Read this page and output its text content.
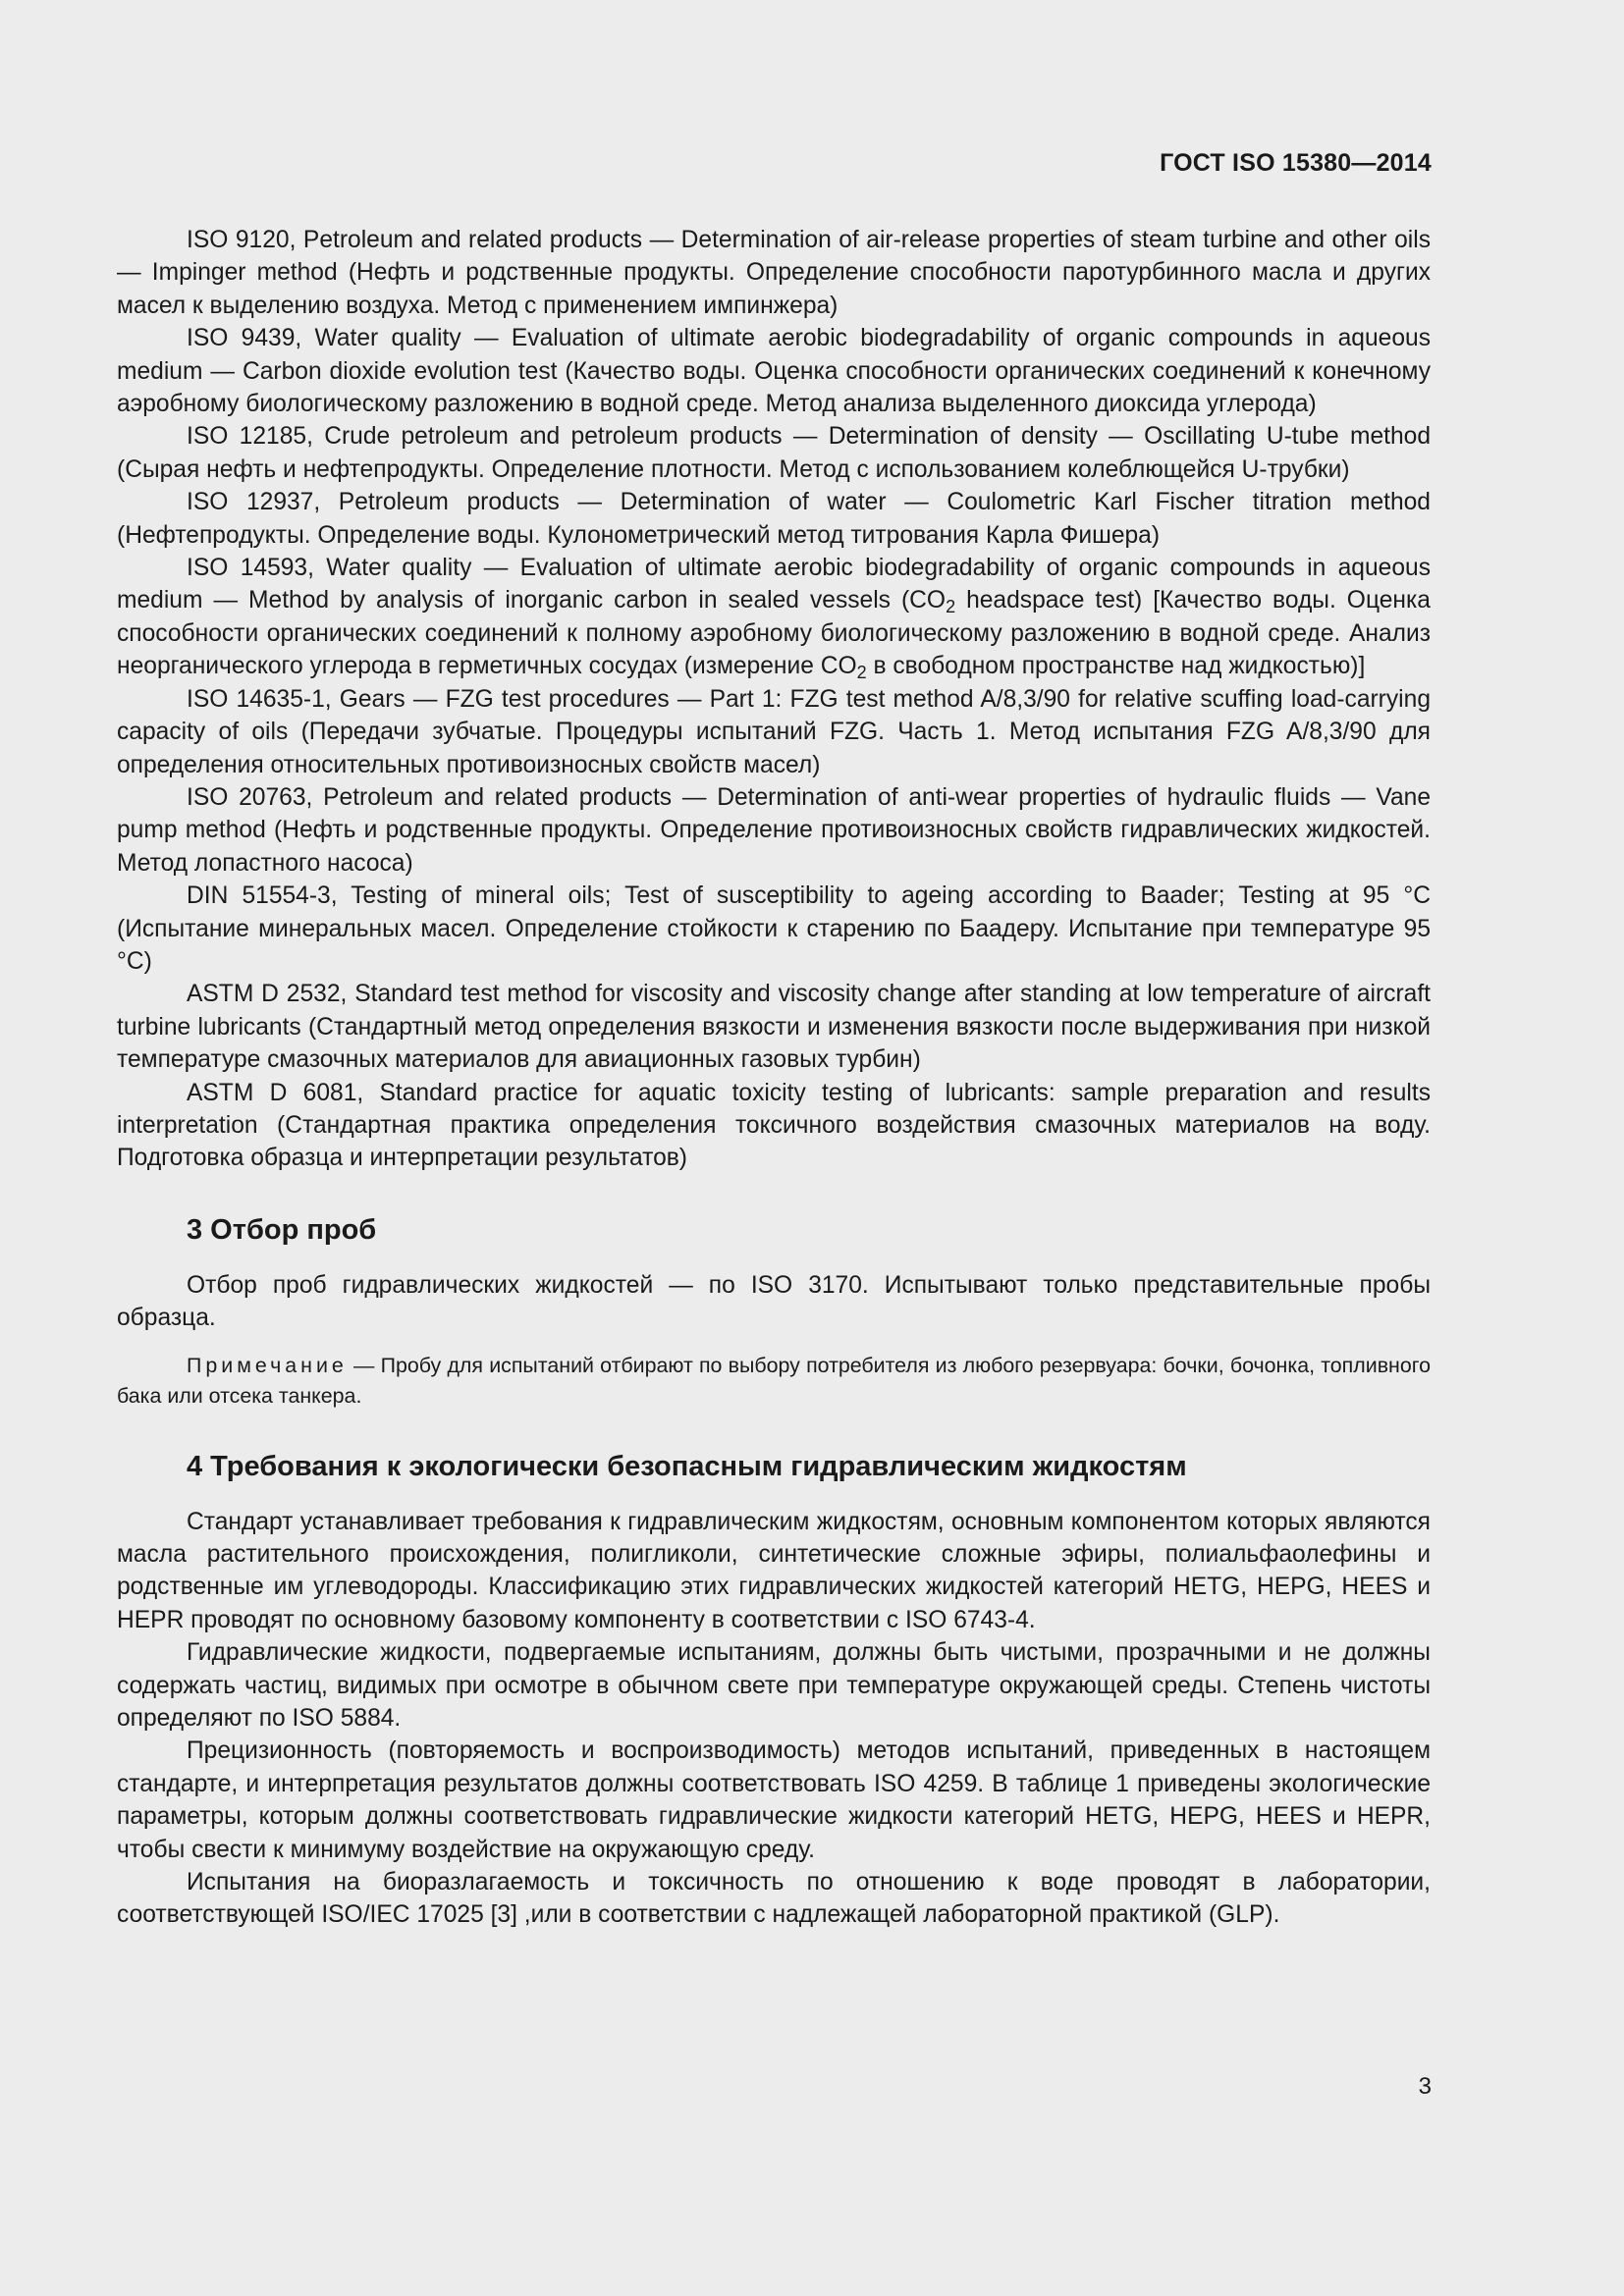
ГОСТ ISO 15380—2014

ISO 9120, Petroleum and related products — Determination of air-release properties of steam turbine and other oils — Impinger method (Нефть и родственные продукты. Определение способности паротурбинного масла и других масел к выделению воздуха. Метод с применением импинжера)

ISO 9439, Water quality — Evaluation of ultimate aerobic biodegradability of organic compounds in aqueous medium — Carbon dioxide evolution test (Качество воды. Оценка способности органических соединений к конечному аэробному биологическому разложению в водной среде. Метод анализа выделенного диоксида углерода)

ISO 12185, Crude petroleum and petroleum products — Determination of density — Oscillating U-tube method (Сырая нефть и нефтепродукты. Определение плотности. Метод с использованием колеблющейся U-трубки)

ISO 12937, Petroleum products — Determination of water — Coulometric Karl Fischer titration method (Нефтепродукты. Определение воды. Кулонометрический метод титрования Карла Фишера)

ISO 14593, Water quality — Evaluation of ultimate aerobic biodegradability of organic compounds in aqueous medium — Method by analysis of inorganic carbon in sealed vessels ($CO_2$ headspace test) [Качество воды. Оценка способности органических соединений к полному аэробному биологическому разложению в водной среде. Анализ неорганического углерода в герметичных сосудах (измерение $CO_2$ в свободном пространстве над жидкостью)]

ISO 14635-1, Gears — FZG test procedures — Part 1: FZG test method A/8,3/90 for relative scuffing load-carrying capacity of oils (Передачи зубчатые. Процедуры испытаний FZG. Часть 1. Метод испытания FZG A/8,3/90 для определения относительных противоизносных свойств масел)

ISO 20763, Petroleum and related products — Determination of anti-wear properties of hydraulic fluids — Vane pump method (Нефть и родственные продукты. Определение противоизносных свойств гидравлических жидкостей. Метод лопастного насоса)

DIN 51554-3, Testing of mineral oils; Test of susceptibility to ageing according to Baader; Testing at 95 °C (Испытание минеральных масел. Определение стойкости к старению по Баадеру. Испытание при температуре 95 °C)

ASTM D 2532, Standard test method for viscosity and viscosity change after standing at low temperature of aircraft turbine lubricants (Стандартный метод определения вязкости и изменения вязкости после выдерживания при низкой температуре смазочных материалов для авиационных газовых турбин)

ASTM D 6081, Standard practice for aquatic toxicity testing of lubricants: sample preparation and results interpretation (Стандартная практика определения токсичного воздействия смазочных материалов на воду. Подготовка образца и интерпретации результатов)

3 Отбор проб

Отбор проб гидравлических жидкостей — по ISO 3170. Испытывают только представительные пробы образца.

Примечание — Пробу для испытаний отбирают по выбору потребителя из любого резервуара: бочки, бочонка, топливного бака или отсека танкера.
4 Требования к экологически безопасным гидравлическим жидкостям

Стандарт устанавливает требования к гидравлическим жидкостям, основным компонентом которых являются масла растительного происхождения, полигликоли, синтетические сложные эфиры, полиальфаолефины и родственные им углеводороды. Классификацию этих гидравлических жидкостей категорий HETG, HEPG, HEES и HEPR проводят по основному базовому компоненту в соответствии с ISO 6743-4.

Гидравлические жидкости, подвергаемые испытаниям, должны быть чистыми, прозрачными и не должны содержать частиц, видимых при осмотре в обычном свете при температуре окружающей среды. Степень чистоты определяют по ISO 5884.

Прецизионность (повторяемость и воспроизводимость) методов испытаний, приведенных в настоящем стандарте, и интерпретация результатов должны соответствовать ISO 4259. В таблице 1 приведены экологические параметры, которым должны соответствовать гидравлические жидкости категорий HETG, HEPG, HEES и HEPR, чтобы свести к минимуму воздействие на окружающую среду.

Испытания на биоразлагаемость и токсичность по отношению к воде проводят в лаборатории, соответствующей ISO/IEC 17025 [3] ,или в соответствии с надлежащей лабораторной практикой (GLP).

3
